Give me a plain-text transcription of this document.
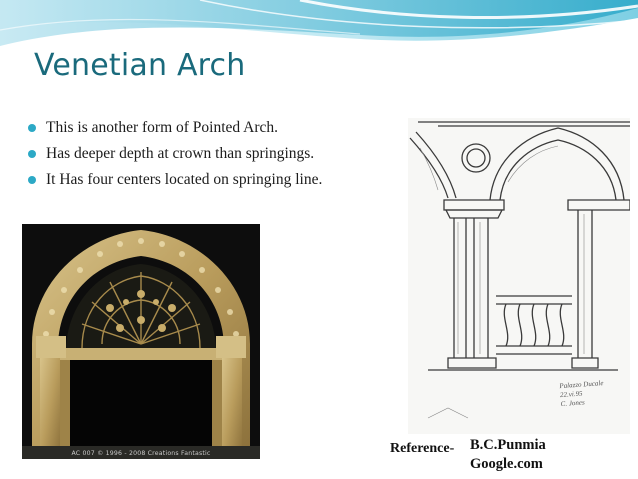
Venetian Arch
This is another form of Pointed Arch.
Has deeper depth at crown than springings.
It Has four centers located on springing line.
AC 007 © 1996 - 2008 Creations Fantastic
Palazzo Ducale
22.vi.95
C. Jones
Reference- B.C.Punmia
Google.com
